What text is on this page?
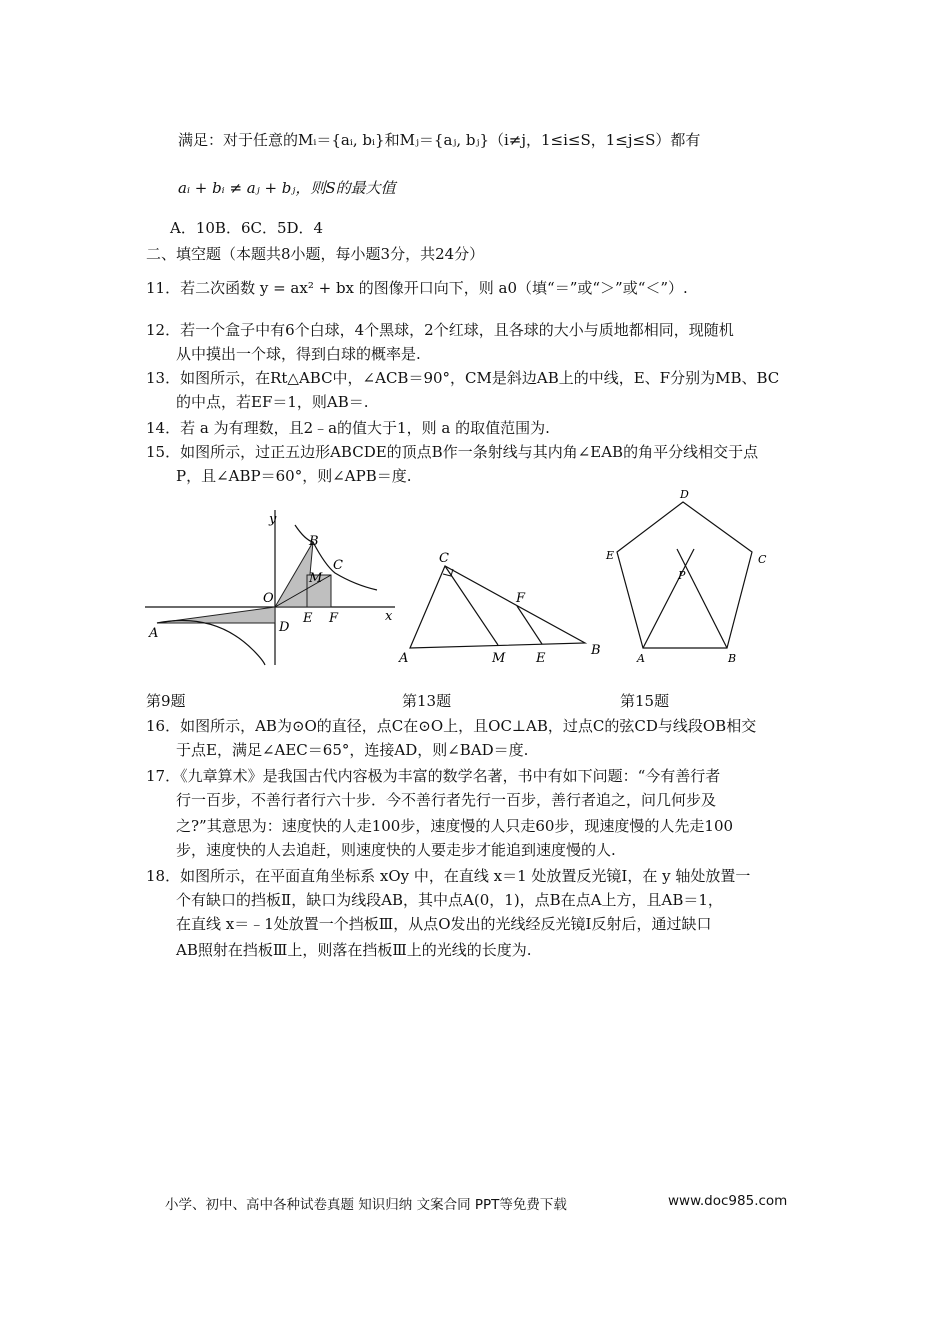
满足：对于任意的Mᵢ＝{aᵢ, bᵢ}和Mⱼ＝{aⱼ, bⱼ}（i≠j，1≤i≤S，1≤j≤S）都有
aᵢ + bᵢ ≠ aⱼ + bⱼ，则S的最大值
A．10B．6C．5D．4
二、填空题（本题共8小题，每小题3分，共24分）
11．若二次函数 y = ax² + bx 的图像开口向下，则 a0（填“＝”或“＞”或“＜”）.
12．若一个盒子中有6个白球，4个黑球，2个红球，且各球的大小与质地都相同，现随机
从中摸出一个球，得到白球的概率是.
13．如图所示，在Rt△ABC中，∠ACB＝90°，CM是斜边AB上的中线，E、F分别为MB、BC
的中点，若EF＝1，则AB＝.
14．若 a 为有理数，且2﹣a的值大于1，则 a 的取值范围为.
15．如图所示，过正五边形ABCDE的顶点B作一条射线与其内角∠EAB的角平分线相交于点
P，且∠ABP＝60°，则∠APB＝度.
y
x
O
A
B
C
M
D
E F
A
B
C
M E
F
A	B
C
D
E
P
第9题	第13题	第15题
16．如图所示，AB为⊙O的直径，点C在⊙O上，且OC⊥AB，过点C的弦CD与线段OB相交
于点E，满足∠AEC＝65°，连接AD，则∠BAD＝度.
17．《九章算术》是我国古代内容极为丰富的数学名著，书中有如下问题：“今有善行者
行一百步，不善行者行六十步．今不善行者先行一百步，善行者追之，问几何步及
之?”其意思为：速度快的人走100步，速度慢的人只走60步，现速度慢的人先走100
步，速度快的人去追赶，则速度快的人要走步才能追到速度慢的人.
18．如图所示，在平面直角坐标系 xOy 中，在直线 x＝1 处放置反光镜Ⅰ，在 y 轴处放置一
个有缺口的挡板Ⅱ，缺口为线段AB，其中点A(0，1)，点B在点A上方，且AB＝1，
在直线 x＝﹣1处放置一个挡板Ⅲ，从点O发出的光线经反光镜Ⅰ反射后，通过缺口
AB照射在挡板Ⅲ上，则落在挡板Ⅲ上的光线的长度为.
小学、初中、高中各种试卷真题 知识归纳 文案合同 PPT等免费下载	www.doc985.com
